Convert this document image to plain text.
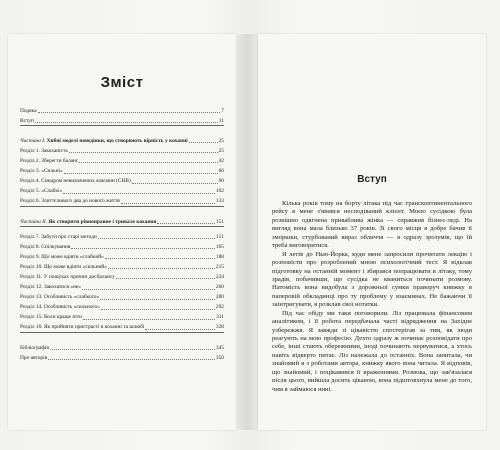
Зміст
Подяка	7
Вступ	11
Частина I. Хибні моделі поведінки, що створюють вірність у коханні	25
Розділ 1. Закоханість	25
Розділ 2. Зберегти баланс	42
Розділ 3. «Сильні»	66
Розділ 4. Синдром невизначених взаємин (СНВ)	90
Розділ 5. «Слабкі»	102
Розділ 6. Злиттєливого два до нового життя	133
Частина II. Як створити рівноправне і тривале кохання	151
Розділ 7. Забути про старі методи	151
Розділ 8. Спілкування	165
Розділ 9. Що може вдіяти «слабкий»	188
Розділ 10. Що може вдіяти «сильний»	215
Розділ 11. У пошуках причин дисбалансу	234
Розділ 12. Закохатися «не»	260
Розділ 13. Особливість «слабкого»	280
Розділ 14. Особливість «сильного»	292
Розділ 15. Коли краще піти	311
Розділ 16. Як прийняти пристрасті в коханні та шлюбі	328
Бібліографія	345
Про авторів	350
Вступ

Кілька років тому на борту літака під час трансконтинентального рейсу в мене з'явився несподіваний клієнт. Моєю сусідкою була розкішно одягнена приваблива жінка — справжня бізнес-леді. На вигляд вона мала близько 37 років. Зі свого місця я добре бачив її зморшки, стурбований вираз обличчя — я одразу зрозумів, що їй треба виговоритися.

Я летів до Нью-Йорка, куди мене запросили прочитати лекцію і розповісти про розроблений мною психологічний тест. Я відклав підготовку на останній момент і збирався попрацювати в літаку, тому зрадів, побачивши, що сусідка не кваниться починати розмову. Натомість вона видобула з дорожньої сумки праворуч книжку в паперовій обкладинці про ту проблему у взаєминах. Не бажаючи її заінтригувати, я розклав свої нотатки.

Під час обіду ми таки поговорили. Ліз працювала фінансовим аналітиком, і її робота передбачала часті відрядження на Західне узбережжя. Я завжди зі цікавістю спостерігав за тим, як люди реагують на мою професію. Дехто одразу ж починає розповідати про себе, інші стають обережними, іноді починають нервуватися, а хтось навіть відверто питає. Ліз належала до останніх. Вона запитала, чи знайомий я з роботами автора, книжку якого вона читала. Я відповів, що знайомий, і поцікавився її враженнями. Розмова, що зав'язалася після цього, вийшла досить цікавою, вона підштовхнула мене до того, чим я займаюся нині.
